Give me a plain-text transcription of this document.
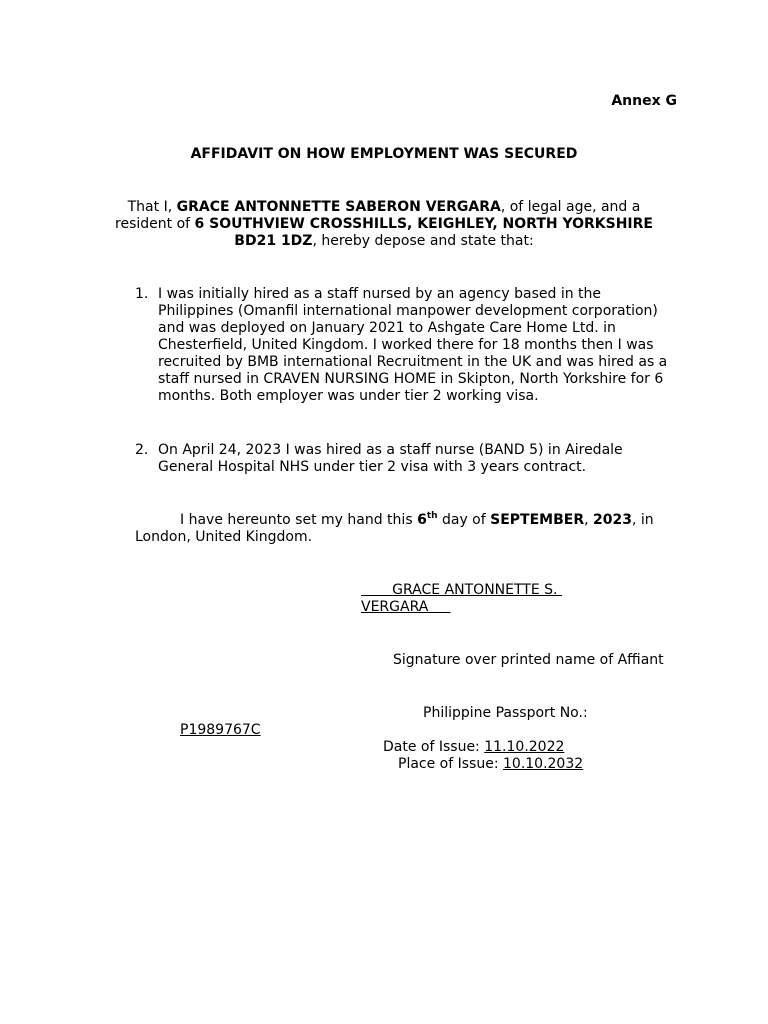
Annex G
AFFIDAVIT ON HOW EMPLOYMENT WAS SECURED
That I, GRACE ANTONNETTE SABERON VERGARA, of legal age, and a resident of 6 SOUTHVIEW CROSSHILLS, KEIGHLEY, NORTH YORKSHIRE BD21 1DZ, hereby depose and state that:
1. I was initially hired as a staff nursed by an agency based in the Philippines (Omanfil international manpower development corporation) and was deployed on January 2021 to Ashgate Care Home Ltd. in Chesterfield, United Kingdom. I worked there for 18 months then I was recruited by BMB international Recruitment in the UK and was hired as a staff nursed in CRAVEN NURSING HOME in Skipton, North Yorkshire for 6 months. Both employer was under tier 2 working visa.
2. On April 24, 2023 I was hired as a staff nurse (BAND 5) in Airedale General Hospital NHS under tier 2 visa with 3 years contract.
I have hereunto set my hand this 6th day of SEPTEMBER, 2023, in London, United Kingdom.
GRACE ANTONNETTE S. VERGARA
Signature over printed name of Affiant
Philippine Passport No.:
P1989767C
Date of Issue: 11.10.2022
Place of Issue: 10.10.2032
